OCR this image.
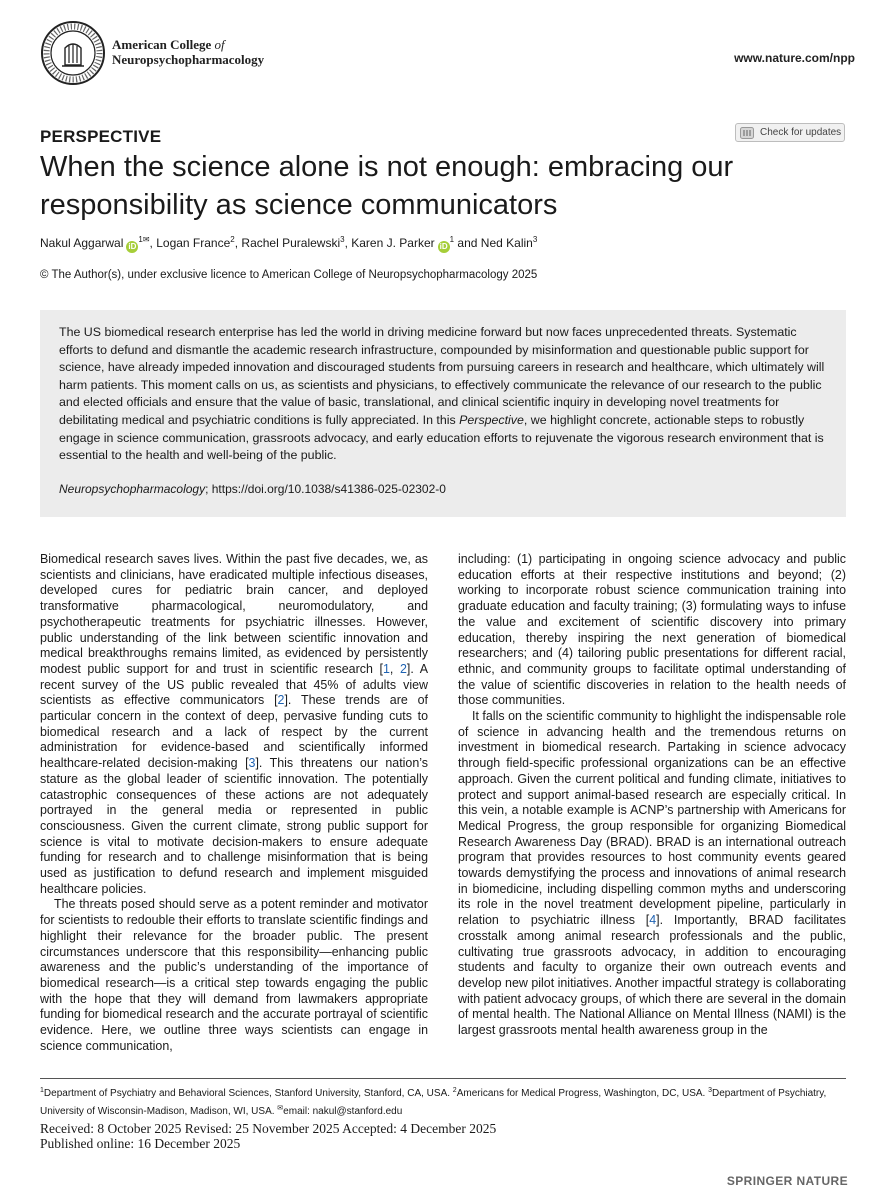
American College of
Neuropsychopharmacology	www.nature.com/npp
PERSPECTIVE	Check for updates
When the science alone is not enough: embracing our responsibility as science communicators
Nakul Aggarwal $iD^{1✉}$, Logan France$^2$, Rachel Puralewski$^3$, Karen J. Parker $iD^1$ and Ned Kalin$^3$
© The Author(s), under exclusive licence to American College of Neuropsychopharmacology 2025
The US biomedical research enterprise has led the world in driving medicine forward but now faces unprecedented threats. Systematic efforts to defund and dismantle the academic research infrastructure, compounded by misinformation and questionable public support for science, have already impeded innovation and discouraged students from pursuing careers in research and healthcare, which ultimately will harm patients. This moment calls on us, as scientists and physicians, to effectively communicate the relevance of our research to the public and elected officials and ensure that the value of basic, translational, and clinical scientific inquiry in developing novel treatments for debilitating medical and psychiatric conditions is fully appreciated. In this Perspective, we highlight concrete, actionable steps to robustly engage in science communication, grassroots advocacy, and early education efforts to rejuvenate the vigorous research environment that is essential to the health and well-being of the public.
Neuropsychopharmacology; https://doi.org/10.1038/s41386-025-02302-0

Biomedical research saves lives. Within the past five decades, we, as scientists and clinicians, have eradicated multiple infectious diseases, developed cures for pediatric brain cancer, and deployed transformative pharmacological, neuromodulatory, and psychotherapeutic treatments for psychiatric illnesses. However, public understanding of the link between scientific innovation and medical breakthroughs remains limited, as evidenced by persistently modest public support for and trust in scientific research [1, 2]. A recent survey of the US public revealed that 45% of adults view scientists as effective communicators [2]. These trends are of particular concern in the context of deep, pervasive funding cuts to biomedical research and a lack of respect by the current administration for evidence-based and scientifically informed healthcare-related decision-making [3]. This threatens our nation’s stature as the global leader of scientific innovation. The potentially catastrophic consequences of these actions are not adequately portrayed in the general media or represented in public consciousness. Given the current climate, strong public support for science is vital to motivate decision-makers to ensure adequate funding for research and to challenge misinformation that is being used as justification to defund research and implement misguided healthcare policies.

The threats posed should serve as a potent reminder and motivator for scientists to redouble their efforts to translate scientific findings and highlight their relevance for the broader public. The present circumstances underscore that this responsibility—enhancing public awareness and the public’s understanding of the importance of biomedical research—is a critical step towards engaging the public with the hope that they will demand from lawmakers appropriate funding for biomedical research and the accurate portrayal of scientific evidence. Here, we outline three ways scientists can engage in science communication,

including: (1) participating in ongoing science advocacy and public education efforts at their respective institutions and beyond; (2) working to incorporate robust science communication training into graduate education and faculty training; (3) formulating ways to infuse the value and excitement of scientific discovery into primary education, thereby inspiring the next generation of biomedical researchers; and (4) tailoring public presentations for different racial, ethnic, and community groups to facilitate optimal understanding of the value of scientific discoveries in relation to the health needs of those communities.

It falls on the scientific community to highlight the indispensable role of science in advancing health and the tremendous returns on investment in biomedical research. Partaking in science advocacy through field-specific professional organizations can be an effective approach. Given the current political and funding climate, initiatives to protect and support animal-based research are especially critical. In this vein, a notable example is ACNP’s partnership with Americans for Medical Progress, the group responsible for organizing Biomedical Research Awareness Day (BRAD). BRAD is an international outreach program that provides resources to host community events geared towards demystifying the process and innovations of animal research in biomedicine, including dispelling common myths and underscoring its role in the novel treatment development pipeline, particularly in relation to psychiatric illness [4]. Importantly, BRAD facilitates crosstalk among animal research professionals and the public, cultivating true grassroots advocacy, in addition to encouraging students and faculty to organize their own outreach events and develop new pilot initiatives. Another impactful strategy is collaborating with patient advocacy groups, of which there are several in the domain of mental health. The National Alliance on Mental Illness (NAMI) is the largest grassroots mental health awareness group in the

$^1$Department of Psychiatry and Behavioral Sciences, Stanford University, Stanford, CA, USA. $^2$Americans for Medical Progress, Washington, DC, USA. $^3$Department of Psychiatry, University of Wisconsin-Madison, Madison, WI, USA. ✉email: nakul@stanford.edu
Received: 8 October 2025 Revised: 25 November 2025 Accepted: 4 December 2025
Published online: 16 December 2025
SPRINGER NATURE
